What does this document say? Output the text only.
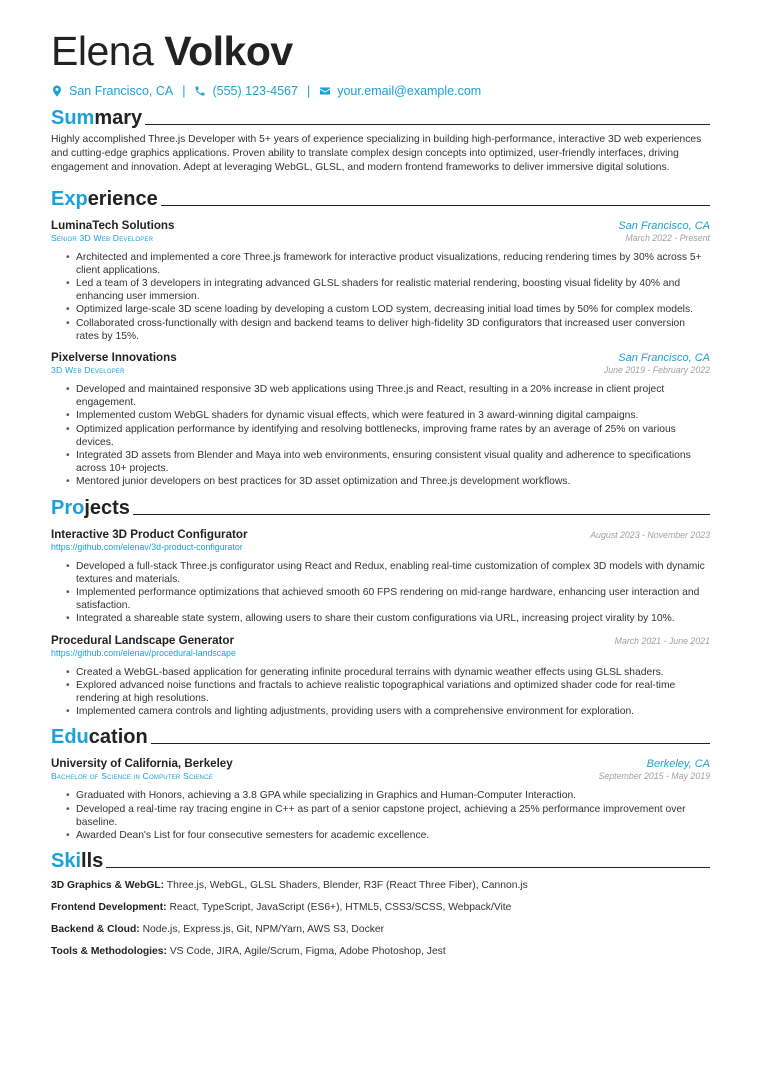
Elena Volkov
San Francisco, CA | (555) 123-4567 | your.email@example.com
Sum mary

Highly accomplished Three.js Developer with 5+ years of experience specializing in building high-performance, interactive 3D web experiences and cutting-edge graphics applications. Proven ability to translate complex design concepts into optimized, user-friendly interfaces, driving engagement and innovation. Adept at leveraging WebGL, GLSL, and modern frontend frameworks to deliver immersive digital solutions.

Exp erience
LuminaTech Solutions	San Francisco, CA
Senior 3D Web Developer	March 2022 - Present
• Architected and implemented a core Three.js framework for interactive product visualizations, reducing rendering times by 30% across 5+ client applications.
• Led a team of 3 developers in integrating advanced GLSL shaders for realistic material rendering, boosting visual fidelity by 40% and enhancing user immersion.
• Optimized large-scale 3D scene loading by developing a custom LOD system, decreasing initial load times by 50% for complex models.
• Collaborated cross-functionally with design and backend teams to deliver high-fidelity 3D configurators that increased user conversion rates by 15%.
Pixelverse Innovations	San Francisco, CA
3D Web Developer	June 2019 - February 2022
• Developed and maintained responsive 3D web applications using Three.js and React, resulting in a 20% increase in client project engagement.
• Implemented custom WebGL shaders for dynamic visual effects, which were featured in 3 award-winning digital campaigns.
• Optimized application performance by identifying and resolving bottlenecks, improving frame rates by an average of 25% on various devices.
• Integrated 3D assets from Blender and Maya into web environments, ensuring consistent visual quality and adherence to specifications across 10+ projects.
• Mentored junior developers on best practices for 3D asset optimization and Three.js development workflows.
Pro jects
Interactive 3D Product Configurator	August 2023 - November 2023
https://github.com/elenav/3d-product-configurator
• Developed a full-stack Three.js configurator using React and Redux, enabling real-time customization of complex 3D models with dynamic textures and materials.
• Implemented performance optimizations that achieved smooth 60 FPS rendering on mid-range hardware, enhancing user interaction and satisfaction.
• Integrated a shareable state system, allowing users to share their custom configurations via URL, increasing project virality by 10%.
Procedural Landscape Generator	March 2021 - June 2021
https://github.com/elenav/procedural-landscape
• Created a WebGL-based application for generating infinite procedural terrains with dynamic weather effects using GLSL shaders.
• Explored advanced noise functions and fractals to achieve realistic topographical variations and optimized shader code for real-time rendering at high resolutions.
• Implemented camera controls and lighting adjustments, providing users with a comprehensive environment for exploration.
Edu cation
University of California, Berkeley	Berkeley, CA
Bachelor of Science in Computer Science	September 2015 - May 2019
• Graduated with Honors, achieving a 3.8 GPA while specializing in Graphics and Human-Computer Interaction.
• Developed a real-time ray tracing engine in C++ as part of a senior capstone project, achieving a 25% performance improvement over baseline.
• Awarded Dean's List for four consecutive semesters for academic excellence.
Ski lls
3D Graphics & WebGL: Three.js, WebGL, GLSL Shaders, Blender, R3F (React Three Fiber), Cannon.js
Frontend Development: React, TypeScript, JavaScript (ES6+), HTML5, CSS3/SCSS, Webpack/Vite
Backend & Cloud: Node.js, Express.js, Git, NPM/Yarn, AWS S3, Docker
Tools & Methodologies: VS Code, JIRA, Agile/Scrum, Figma, Adobe Photoshop, Jest
